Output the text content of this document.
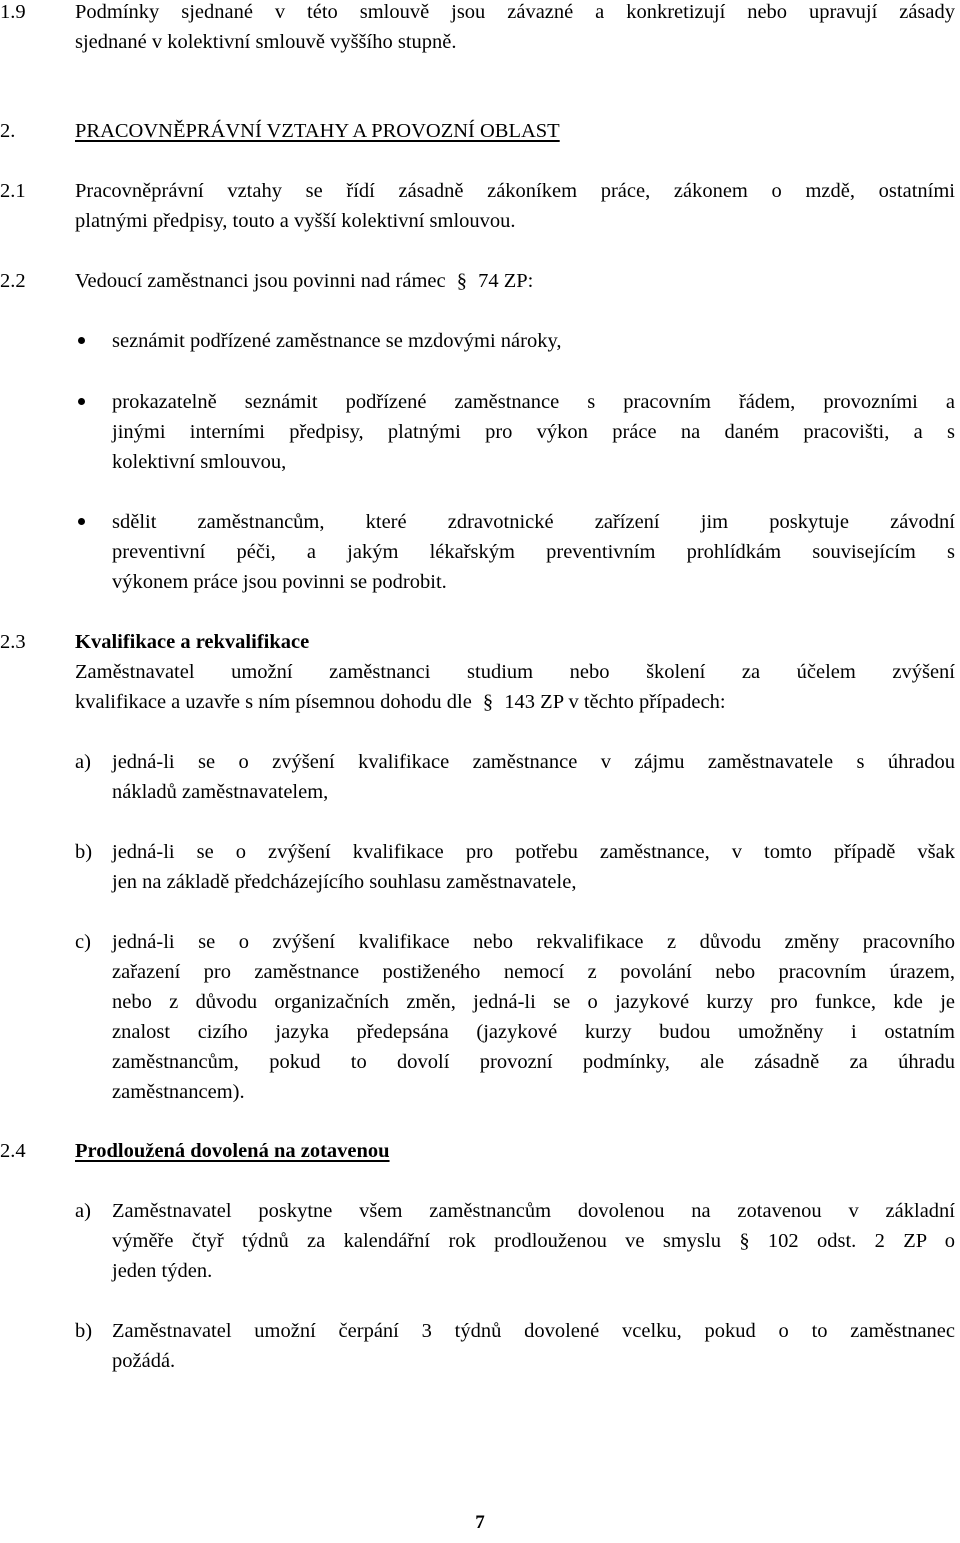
1.9 Podmínky sjednané v této smlouvě jsou závazné a konkretizují nebo upravují zásady
sjednané v kolektivní smlouvě vyššího stupně.
2.	PRACOVNĚPRÁVNÍ VZTAHY A PROVOZNÍ OBLAST
2.1 Pracovněprávní vztahy se řídí zásadně zákoníkem práce, zákonem o mzdě, ostatními
platnými předpisy, touto a vyšší kolektivní smlouvou.
2.2 Vedoucí zaměstnanci jsou povinni nad rámec § 74 ZP:
seznámit podřízené zaměstnance se mzdovými nároky,
prokazatelně seznámit podřízené zaměstnance s pracovním řádem, provozními a
jinými interními předpisy, platnými pro výkon práce na daném pracovišti, a s
kolektivní smlouvou,
sdělit zaměstnancům, které zdravotnické zařízení jim poskytuje závodní
preventivní péči, a jakým lékařským preventivním prohlídkám souvisejícím s
výkonem práce jsou povinni se podrobit.
2.3 Kvalifikace a rekvalifikace
Zaměstnavatel umožní zaměstnanci studium nebo školení za účelem zvýšení
kvalifikace a uzavře s ním písemnou dohodu dle § 143 ZP v těchto případech:
a) jedná-li se o zvýšení kvalifikace zaměstnance v zájmu zaměstnavatele s úhradou
nákladů zaměstnavatelem,
b) jedná-li se o zvýšení kvalifikace pro potřebu zaměstnance, v tomto případě však
jen na základě předcházejícího souhlasu zaměstnavatele,
c) jedná-li se o zvýšení kvalifikace nebo rekvalifikace z důvodu změny pracovního
zařazení pro zaměstnance postiženého nemocí z povolání nebo pracovním úrazem,
nebo z důvodu organizačních změn, jedná-li se o jazykové kurzy pro funkce, kde je
znalost cizího jazyka předepsána (jazykové kurzy budou umožněny i ostatním
zaměstnancům, pokud to dovolí provozní podmínky, ale zásadně za úhradu
zaměstnancem).
2.4 Prodloužená dovolená na zotavenou
a) Zaměstnavatel poskytne všem zaměstnancům dovolenou na zotavenou v základní
výměře čtyř týdnů za kalendářní rok prodlouženou ve smyslu § 102 odst. 2 ZP o
jeden týden.
b) Zaměstnavatel umožní čerpání 3 týdnů dovolené vcelku, pokud o to zaměstnanec
požádá.
7
